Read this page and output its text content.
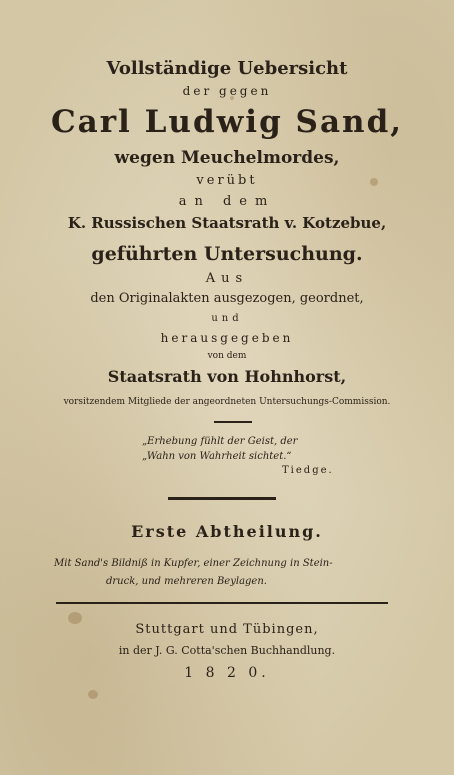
Vollständige Uebersicht
der gegen
Carl Ludwig Sand,
wegen Meuchelmordes,
verübt
an dem
K. Russischen Staatsrath v. Kotzebue,
geführten Untersuchung.
Aus
den Originalakten ausgezogen, geordnet,
und
herausgegeben
von dem
Staatsrath von Hohnhorst,
vorsitzendem Mitgliede der angeordneten Untersuchungs-Commission.
„Erhebung fühlt der Geist, der
„Wahn von Wahrheit sichtet.“
Tiedge.
Erste Abtheilung.
Mit Sand's Bildniß in Kupfer, einer Zeichnung in Stein-
druck, und mehreren Beylagen.
Stuttgart und Tübingen,
in der J. G. Cotta'schen Buchhandlung.
1 8 2 0.
